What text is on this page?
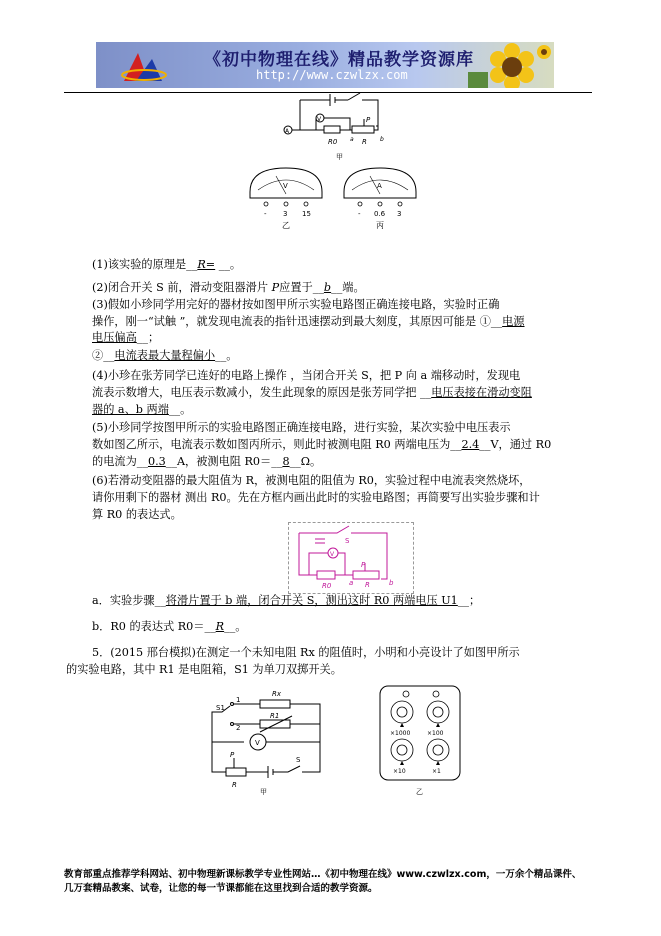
《初中物理在线》精品教学资源库
http://www.czwlzx.com
A
V
R0	R
P
a	b
甲
V	A
- 3 15	- 0.6 3
乙	丙
(1)该实验的原理是__R= __。
(2)闭合开关 S 前，滑动变阻器滑片 P应置于__b__端。
(3)假如小珍同学用完好的器材按如图甲所示实验电路图正确连接电路，实验时正确
操作，刚一“试触 ”，就发现电流表的指针迅速摆动到最大刻度，其原因可能是 ①__电源
电压偏高__；
②__电流表最大量程偏小__。
(4)小珍在张芳同学已连好的电路上操作 ，当闭合开关 S，把 P 向 a 端移动时，发现电
流表示数增大，电压表示数减小，发生此现象的原因是张芳同学把 __电压表接在滑动变阻
器的 a、b 两端__。
(5)小珍同学按图甲所示的实验电路图正确连接电路，进行实验，某次实验中电压表示
数如图乙所示，电流表示数如图丙所示，则此时被测电阻 R0 两端电压为__2.4__V，通过 R0
的电流为__0.3__A，被测电阻 R0＝__8__Ω。
(6)若滑动变阻器的最大阻值为 R，被测电阻的阻值为 R0，实验过程中电流表突然烧坏，
请你用剩下的器材 测出 R0。先在方框内画出此时的实验电路图；再简要写出实验步骤和计
算 R0 的表达式。
S
V
R0	a
P
R	b
a．实验步骤__将滑片置于 b 端，闭合开关 S，测出这时 R0 两端电压 U1__；
b．R0 的表达式 R0＝__R__。
5．(2015 邢台模拟)在测定一个未知电阻 Rx 的阻值时，小明和小亮设计了如图甲所示
的实验电路，其中 R1 是电阻箱，S1 为单刀双掷开关。
Rx
R1
S1
1
2
V
P
R
S
甲
×1000	×100
×10	×1
乙
教育部重点推荐学科网站、初中物理新课标教学专业性网站…《初中物理在线》www.czwlzx.com，一万余个精品课件、
几万套精品教案、试卷，让您的每一节课都能在这里找到合适的教学资源。
